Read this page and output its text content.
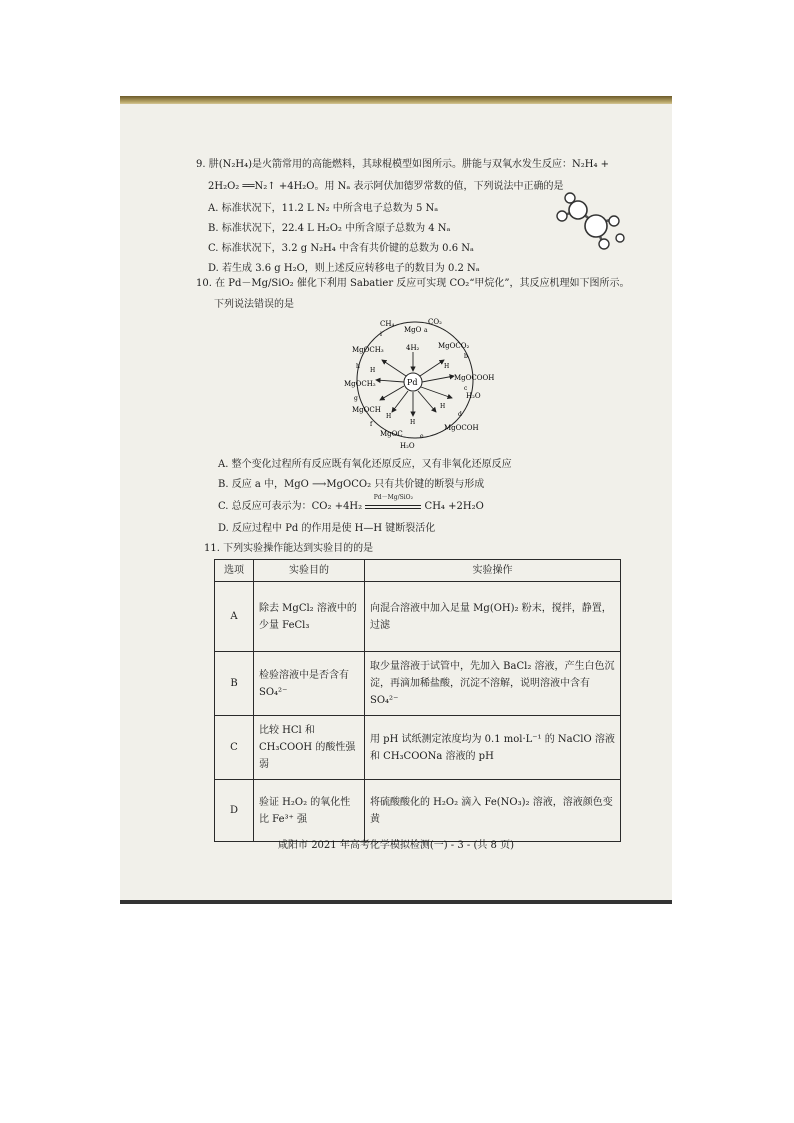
9. 肼(N₂H₄)是火箭常用的高能燃料，其球棍模型如图所示。肼能与双氧水发生反应：N₂H₄ +
2H₂O₂ ══N₂↑ +4H₂O。用 Nₐ 表示阿伏加德罗常数的值，下列说法中正确的是
A. 标准状况下，11.2 L N₂ 中所含电子总数为 5 Nₐ
B. 标准状况下，22.4 L H₂O₂ 中所含原子总数为 4 Nₐ
C. 标准状况下，3.2 g N₂H₄ 中含有共价键的总数为 0.6 Nₐ
D. 若生成 3.6 g H₂O，则上述反应转移电子的数目为 0.2 Nₐ
10. 在 Pd－Mg/SiO₂ 催化下利用 Sabatier 反应可实现 CO₂“甲烷化”，其反应机理如下图所示。
下列说法错误的是
Pd
4H₂
CH₄	CO₂
MgO
MgOCO₂
MgOCOOH
MgOCOH
MgOC
MgOCH
MgOCH₂
MgOCH₃
H₂O
H₂O
H
H
H
H
H
a
b
c
d
e
f
g
h
i
A. 整个变化过程所有反应既有氧化还原反应，又有非氧化还原反应
B. 反应 a 中，MgO ⟶MgOCO₂ 只有共价键的断裂与形成
C. 总反应可表示为：CO₂ +4H₂
Pd－Mg/SiO₂
CH₄ +2H₂O
D. 反应过程中 Pd 的作用是使 H—H 键断裂活化
11. 下列实验操作能达到实验目的的是
选项	实验目的	实验操作
A	除去 MgCl₂ 溶液中的少量 FeCl₃	向混合溶液中加入足量 Mg(OH)₂ 粉末，搅拌，静置，过滤
B	检验溶液中是否含有 SO₄²⁻	取少量溶液于试管中，先加入 BaCl₂ 溶液，产生白色沉淀，再滴加稀盐酸，沉淀不溶解，说明溶液中含有 SO₄²⁻
C	比较 HCl 和 CH₃COOH 的酸性强弱	用 pH 试纸测定浓度均为 0.1 mol·L⁻¹ 的 NaClO 溶液和 CH₃COONa 溶液的 pH
D	验证 H₂O₂ 的氧化性比 Fe³⁺ 强	将硫酸酸化的 H₂O₂ 滴入 Fe(NO₃)₂ 溶液，溶液颜色变黄
咸阳市 2021 年高考化学模拟检测(一) - 3 - (共 8 页)
